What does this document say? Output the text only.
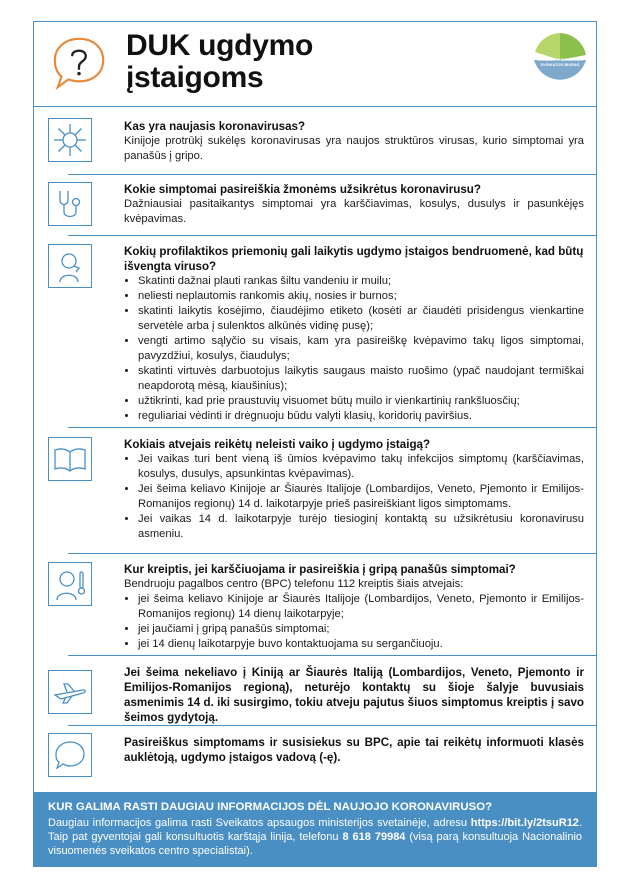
DUK ugdymo
įstaigoms
VILNIAUS VISUOMENĖS SVEIKATOS BIURAS
Kas yra naujasis koronavirusas?
Kinijoje protrūkį sukėlęs koronavirusas yra naujos struktūros virusas, kurio simptomai yra panašūs į gripo.
Kokie simptomai pasireiškia žmonėms užsikrėtus koronavirusu?
Dažniausiai pasitaikantys simptomai yra karščiavimas, kosulys, dusulys ir pasunkėjęs kvėpavimas.
Kokių profilaktikos priemonių gali laikytis ugdymo įstaigos bendruomenė, kad būtų išvengta viruso?
• Skatinti dažnai plauti rankas šiltu vandeniu ir muilu;
• neliesti neplautomis rankomis akių, nosies ir burnos;
• skatinti laikytis kosėjimo, čiaudėjimo etiketo (kosėti ar čiaudėti prisidengus vienkartine servetėle arba į sulenktos alkūnės vidinę pusę);
• vengti artimo sąlyčio su visais, kam yra pasireiškę kvėpavimo takų ligos simptomai, pavyzdžiui, kosulys, čiaudulys;
• skatinti virtuvės darbuotojus laikytis saugaus maisto ruošimo (ypač naudojant termiškai neapdorotą mėsą, kiaušinius);
• užtikrinti, kad prie praustuvių visuomet būtų muilo ir vienkartinių rankšluosčių;
• reguliariai vėdinti ir drėgnuoju būdu valyti klasių, koridorių paviršius.
Kokiais atvejais reikėtų neleisti vaiko į ugdymo įstaigą?
• Jei vaikas turi bent vieną iš ūmios kvėpavimo takų infekcijos simptomų (karščiavimas, kosulys, dusulys, apsunkintas kvėpavimas).
• Jei šeima keliavo Kinijoje ar Šiaurės Italijoje (Lombardijos, Veneto, Pjemonto ir Emilijos-Romanijos regionų) 14 d. laikotarpyje prieš pasireiškiant ligos simptomams.
• Jei vaikas 14 d. laikotarpyje turėjo tiesioginį kontaktą su užsikrėtusiu koronavirusu asmeniu.
Kur kreiptis, jei karščiuojama ir pasireiškia į gripą panašūs simptomai?
Bendruoju pagalbos centro (BPC) telefonu 112 kreiptis šiais atvejais:
• jei šeima keliavo Kinijoje ar Šiaurės Italijoje (Lombardijos, Veneto, Pjemonto ir Emilijos-Romanijos regionų) 14 dienų laikotarpyje;
• jei jaučiami į gripą panašūs simptomai;
• jei 14 dienų laikotarpyje buvo kontaktuojama su sergančiuoju.
Jei šeima nekeliavo į Kiniją ar Šiaurės Italiją (Lombardijos, Veneto, Pjemonto ir Emilijos-Romanijos regioną), neturėjo kontaktų su šioje šalyje buvusiais asmenimis 14 d. iki susirgimo, tokiu atveju pajutus šiuos simptomus kreiptis į savo šeimos gydytoją.
Pasireiškus simptomams ir susisiekus su BPC, apie tai reikėtų informuoti klasės auklėtoją, ugdymo įstaigos vadovą (-ę).
KUR GALIMA RASTI DAUGIAU INFORMACIJOS DĖL NAUJOJO KORONAVIRUSO?
Daugiau informacijos galima rasti Sveikatos apsaugos ministerijos svetainėje, adresu https://bit.ly/2tsuR12. Taip pat gyventojai gali konsultuotis karštąja linija, telefonu 8 618 79984 (visą parą konsultuoja Nacionalinio visuomenės sveikatos centro specialistai).
